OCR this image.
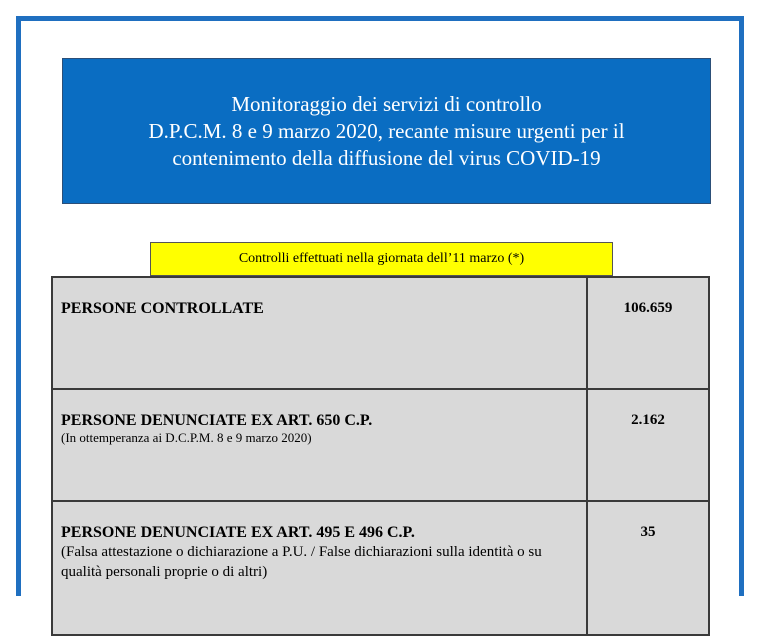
Monitoraggio dei servizi di controllo
D.P.C.M. 8 e 9 marzo 2020, recante misure urgenti per il
contenimento della diffusione del virus COVID-19
Controlli effettuati nella giornata dell’11 marzo (*)
PERSONE CONTROLLATE	106.659

PERSONE DENUNCIATE EX ART. 650 C.P.
(In ottemperanza ai D.C.P.M. 8 e 9 marzo 2020)	2.162

PERSONE DENUNCIATE EX ART. 495 E 496 C.P.
(Falsa attestazione o dichiarazione a P.U. / False dichiarazioni sulla identità o su qualità personali proprie o di altri)	35
